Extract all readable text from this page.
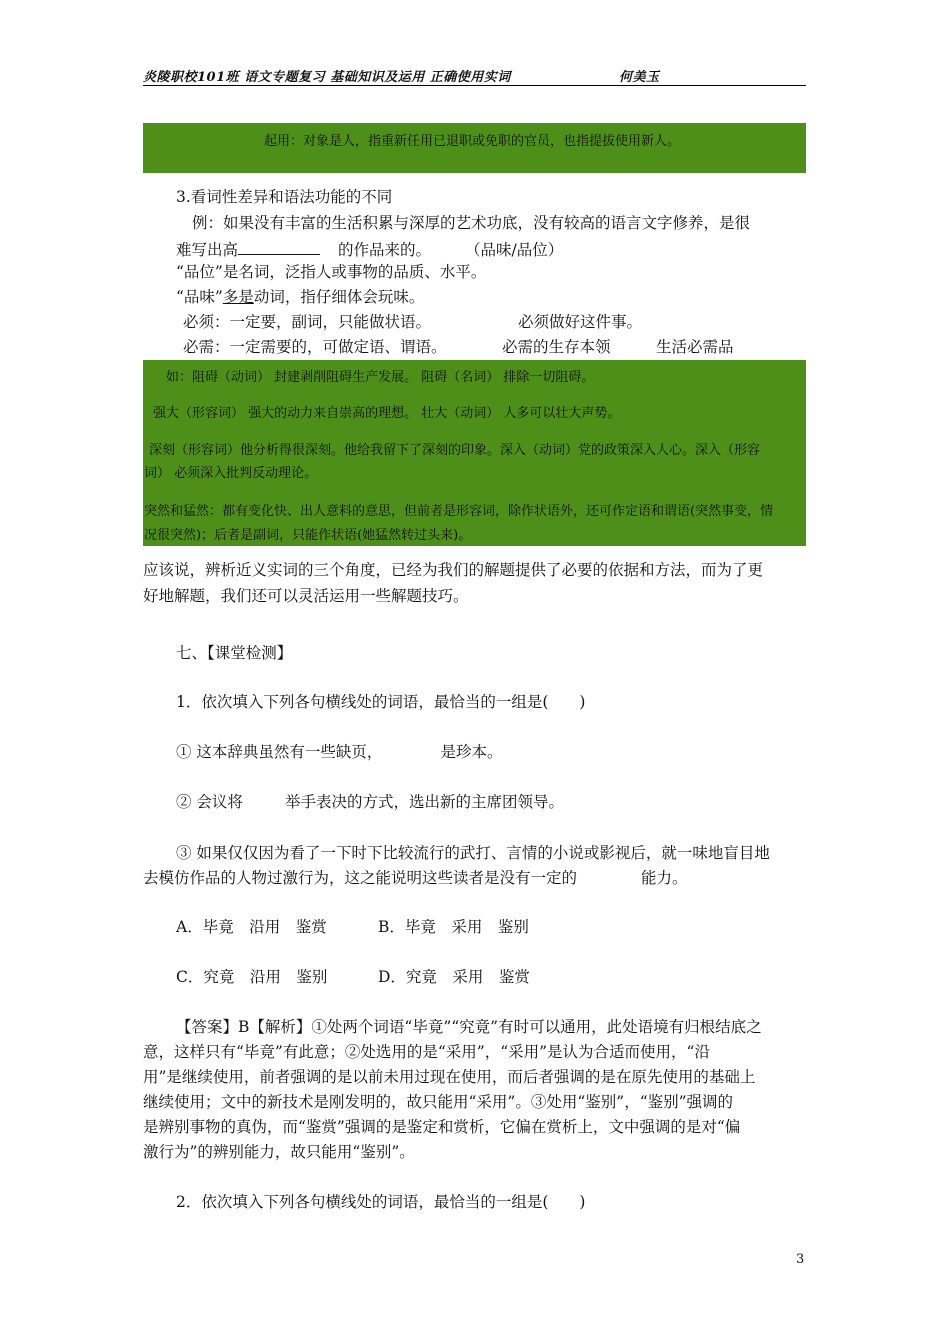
炎陵职校101班 语文专题复习 基础知识及运用 正确使用实词	何美玉
起用：对象是人，指重新任用已退职或免职的官员，也指提拔使用新人。
3.看词性差异和语法功能的不同
例：如果没有丰富的生活积累与深厚的艺术功底，没有较高的语言文字修养，是很
难写出高	的作品来的。 （品味/品位）
“品位”是名词，泛指人或事物的品质、水平。
“品味”多是动词，指仔细体会玩味。
必须：一定要，副词，只能做状语。	必须做好这件事。
必需：一定需要的，可做定语、谓语。	必需的生存本领	生活必需品
如：阻碍（动词） 封建剥削阻碍生产发展。 阻碍（名词） 排除一切阻碍。
强大（形容词） 强大的动力来自崇高的理想。 壮大（动词） 人多可以壮大声势。
深刻（形容词）他分析得很深刻。他给我留下了深刻的印象。深入（动词）党的政策深入人心。深入（形容
词） 必须深入批判反动理论。
突然和猛然：都有变化快、出人意料的意思，但前者是形容词，除作状语外，还可作定语和谓语(突然事变，情
况很突然)；后者是副词，只能作状语(她猛然转过头来)。
应该说，辨析近义实词的三个角度，已经为我们的解题提供了必要的依据和方法，而为了更
好地解题，我们还可以灵活运用一些解题技巧。
七、【课堂检测】
1．依次填入下列各句横线处的词语，最恰当的一组是(　　)
① 这本辞典虽然有一些缺页，	是珍本。
② 会议将	举手表决的方式，选出新的主席团领导。
③ 如果仅仅因为看了一下时下比较流行的武打、言情的小说或影视后，就一味地盲目地
去模仿作品的人物过激行为，这之能说明这些读者是没有一定的	能力。
A．毕竟　沿用　鉴赏	B．毕竟　采用　鉴别
C．究竟　沿用　鉴别	D．究竟　采用　鉴赏
【答案】B【解析】①处两个词语“毕竟”“究竟”有时可以通用，此处语境有归根结底之
意，这样只有“毕竟”有此意；②处选用的是“采用”，“采用”是认为合适而使用，“沿
用”是继续使用，前者强调的是以前未用过现在使用，而后者强调的是在原先使用的基础上
继续使用；文中的新技术是刚发明的，故只能用“采用”。③处用“鉴别”，“鉴别”强调的
是辨别事物的真伪，而“鉴赏”强调的是鉴定和赏析，它偏在赏析上，文中强调的是对“偏
激行为”的辨别能力，故只能用“鉴别”。
2．依次填入下列各句横线处的词语，最恰当的一组是(　　)
3
